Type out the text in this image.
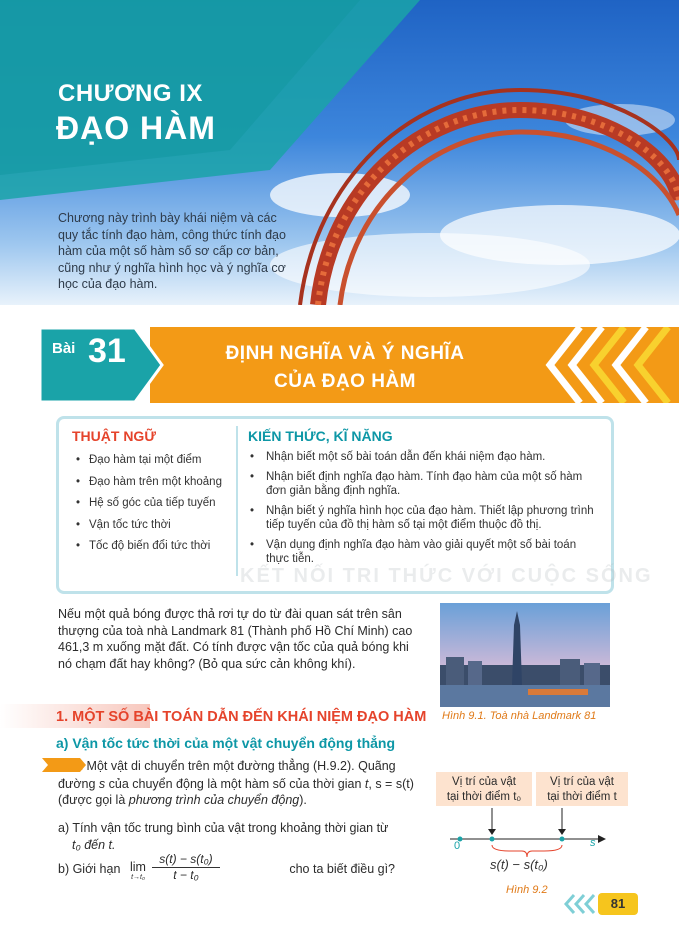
CHƯƠNG IX
ĐẠO HÀM
Chương này trình bày khái niệm và các quy tắc tính đạo hàm, công thức tính đạo hàm của một số hàm số sơ cấp cơ bản, cũng như ý nghĩa hình học và ý nghĩa cơ học của đạo hàm.
Bài 31	ĐỊNH NGHĨA VÀ Ý NGHĨA
CỦA ĐẠO HÀM
THUẬT NGỮ	KIẾN THỨC, KĨ NĂNG
• Đạo hàm tại một điểm
• Đạo hàm trên một khoảng
• Hệ số góc của tiếp tuyến
• Vận tốc tức thời
• Tốc độ biến đổi tức thời
• Nhận biết một số bài toán dẫn đến khái niệm đạo hàm.
• Nhận biết định nghĩa đạo hàm. Tính đạo hàm của một số hàm đơn giản bằng định nghĩa.
• Nhận biết ý nghĩa hình học của đạo hàm. Thiết lập phương trình tiếp tuyến của đồ thị hàm số tại một điểm thuộc đồ thị.
• Vận dụng định nghĩa đạo hàm vào giải quyết một số bài toán thực tiễn.
KẾT NỐI TRI THỨC VỚI CUỘC SỐNG
Nếu một quả bóng được thả rơi tự do từ đài quan sát trên sân thượng của toà nhà Landmark 81 (Thành phố Hồ Chí Minh) cao 461,3 m xuống mặt đất. Có tính được vận tốc của quả bóng khi nó chạm đất hay không? (Bỏ qua sức cản không khí).
Hình 9.1. Toà nhà Landmark 81
1. MỘT SỐ BÀI TOÁN DẪN ĐẾN KHÁI NIỆM ĐẠO HÀM
a) Vận tốc tức thời của một vật chuyển động thẳng
HĐ1. Một vật di chuyển trên một đường thẳng (H.9.2). Quãng đường s của chuyển động là một hàm số của thời gian t, s = s(t) (được gọi là phương trình của chuyển động).
a) Tính vận tốc trung bình của vật trong khoảng thời gian từ
t₀ đến t.
b) Giới hạn	cho ta biết điều gì?
lim
$t\to t_0 \frac{\text{s(t) − s(t₀)}}{\text{t − t₀}}$
Vị trí của vật
tại thời điểm t₀
Vị trí của vật
tại thời điểm t
0	s
s(t) − s(t₀)
Hình 9.2
81
